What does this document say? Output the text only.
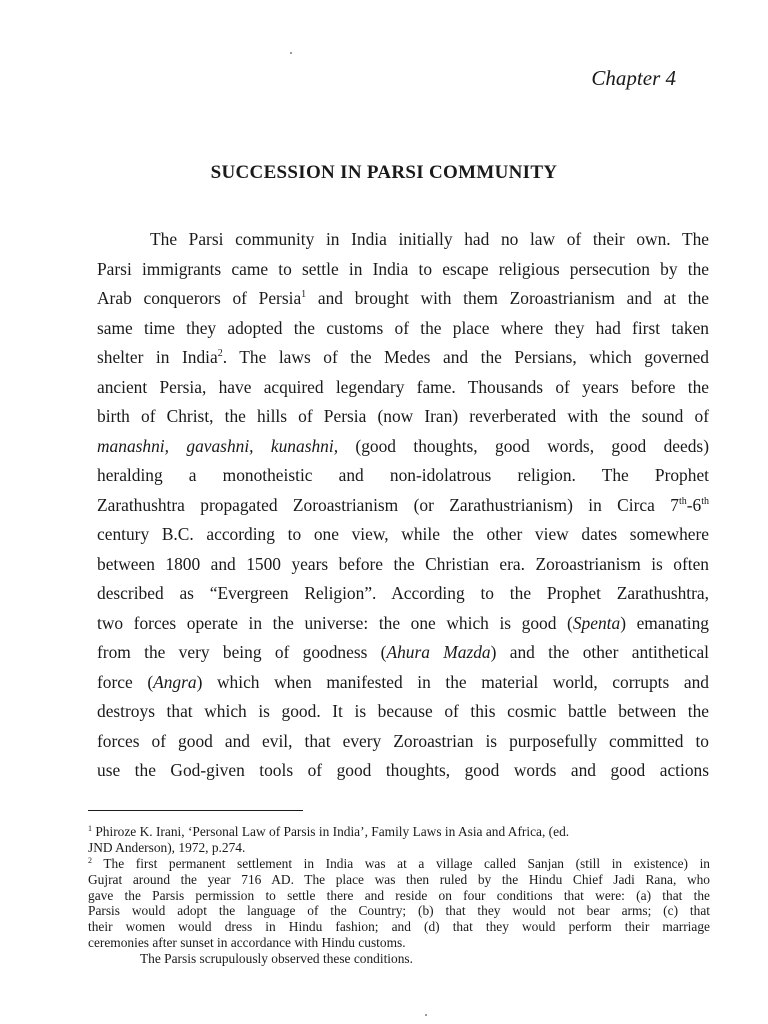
Chapter 4
SUCCESSION IN PARSI COMMUNITY
The Parsi community in India initially had no law of their own. The
Parsi immigrants came to settle in India to escape religious persecution by the
Arab conquerors of Persia$^1$ and brought with them Zoroastrianism and at the
same time they adopted the customs of the place where they had first taken
shelter in India$^2$. The laws of the Medes and the Persians, which governed
ancient Persia, have acquired legendary fame. Thousands of years before the
birth of Christ, the hills of Persia (now Iran) reverberated with the sound of
manashni, gavashni, kunashni, (good thoughts, good words, good deeds)
heralding a monotheistic and non-idolatrous religion. The Prophet
Zarathushtra propagated Zoroastrianism (or Zarathustrianism) in Circa 7th-6th
century B.C. according to one view, while the other view dates somewhere
between 1800 and 1500 years before the Christian era. Zoroastrianism is often
described as “Evergreen Religion”. According to the Prophet Zarathushtra,
two forces operate in the universe: the one which is good (Spenta) emanating
from the very being of goodness (Ahura Mazda) and the other antithetical
force (Angra) which when manifested in the material world, corrupts and
destroys that which is good. It is because of this cosmic battle between the
forces of good and evil, that every Zoroastrian is purposefully committed to
use the God-given tools of good thoughts, good words and good actions
$^1$ Phiroze K. Irani, ‘Personal Law of Parsis in India’, Family Laws in Asia and Africa, (ed.
JND Anderson), 1972, p.274.
$^2$ The first permanent settlement in India was at a village called Sanjan (still in existence) in
Gujrat around the year 716 AD. The place was then ruled by the Hindu Chief Jadi Rana, who
gave the Parsis permission to settle there and reside on four conditions that were: (a) that the
Parsis would adopt the language of the Country; (b) that they would not bear arms; (c) that
their women would dress in Hindu fashion; and (d) that they would perform their marriage
ceremonies after sunset in accordance with Hindu customs.
The Parsis scrupulously observed these conditions.
